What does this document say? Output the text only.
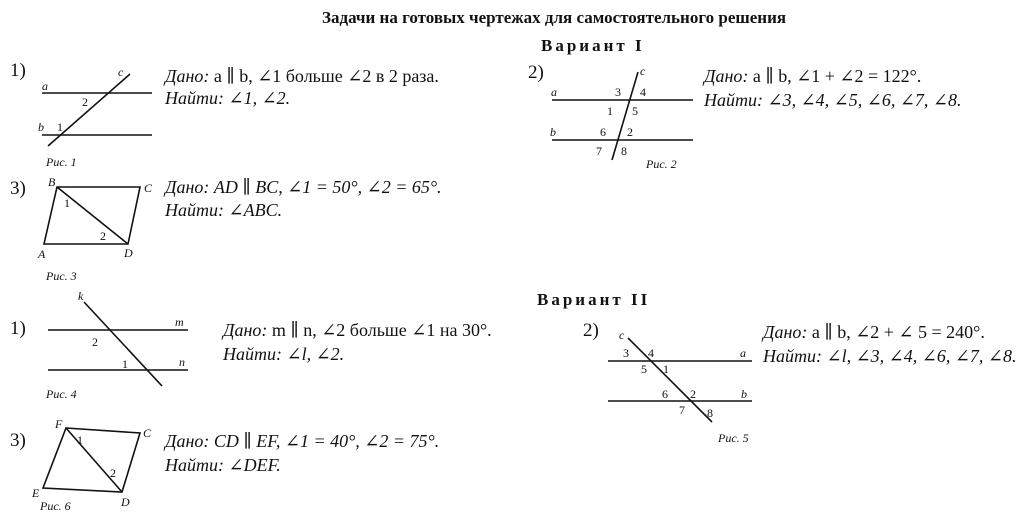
Задачи на готовых чертежах для самостоятельного решения
Вариант I
Вариант II
1)
a
b
c
1
2
Рис. 1
Дано: a ∥ b, ∠1 больше ∠2 в 2 раза.
Найти: ∠1, ∠2.
2)
a
b
c
3 4
1 5
6 2
7 8
Рис. 2
Дано: a ∥ b, ∠1 + ∠2 = 122°.
Найти: ∠3, ∠4, ∠5, ∠6, ∠7, ∠8.
3) B	C
A	D
1
2
Рис. 3
Дано: AD ∥ BC, ∠1 = 50°, ∠2 = 65°.
Найти: ∠ABC.
1)
k
m
n
2
1
Рис. 4
Дано: m ∥ n, ∠2 больше ∠1 на 30°.
Найти: ∠l, ∠2.
2) c
a
b
3 4
5 1
6 2
7 8
Рис. 5
Дано: a ∥ b, ∠2 + ∠ 5 = 240°.
Найти: ∠l, ∠3, ∠4, ∠6, ∠7, ∠8.
3)
F
C
E
D
1
2
Рис. 6
Дано: CD ∥ EF, ∠1 = 40°, ∠2 = 75°.
Найти: ∠DEF.
